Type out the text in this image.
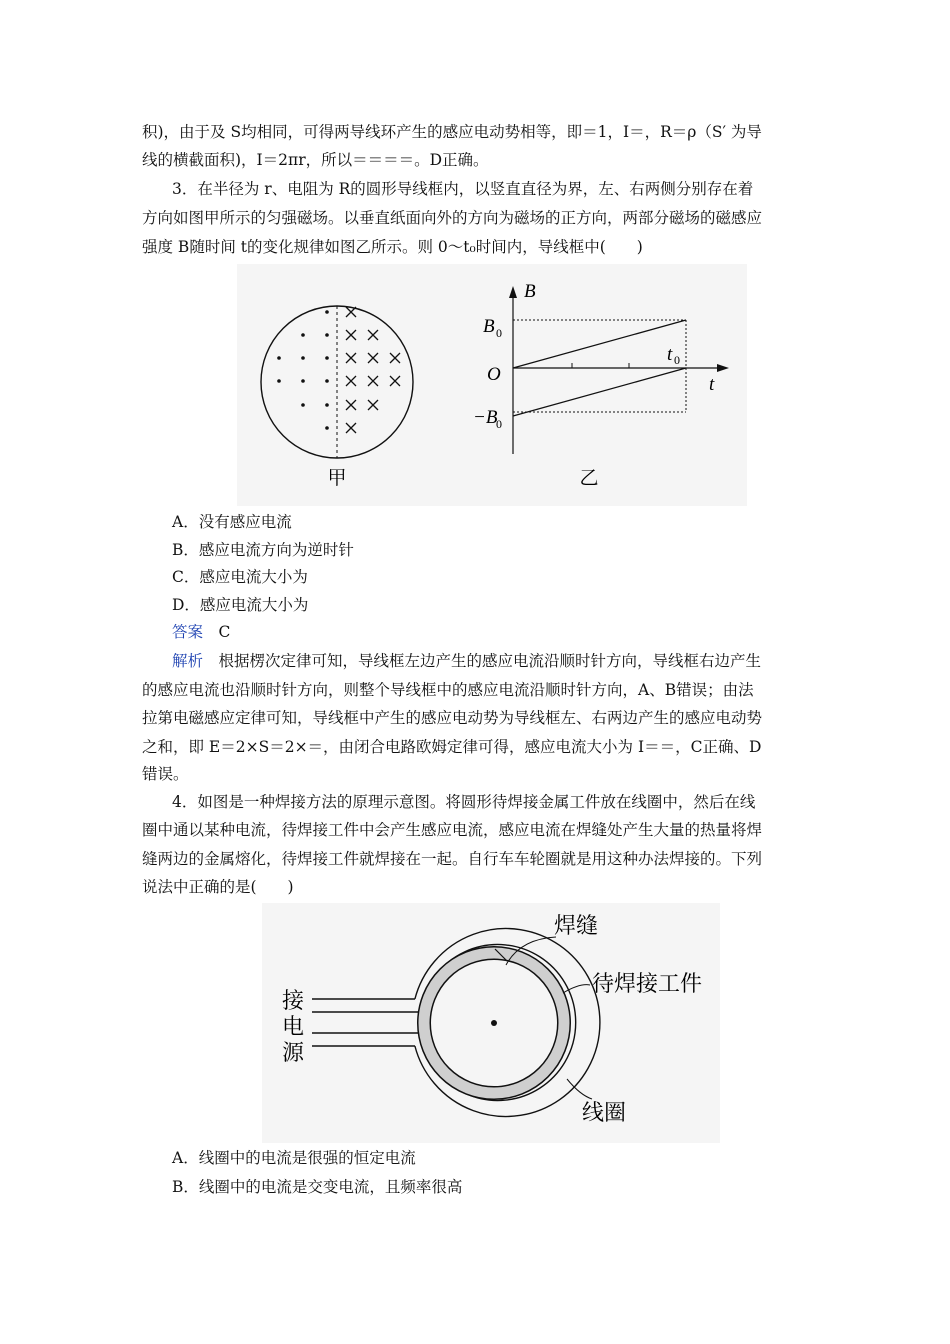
积)，由于及 S均相同，可得两导线环产生的感应电动势相等，即＝1，I＝，R＝ρ（S′ 为导
线的横截面积)，I＝2πr，所以＝＝＝＝。D正确。
3．在半径为 r、电阻为 R的圆形导线框内，以竖直直径为界，左、右两侧分别存在着
方向如图甲所示的匀强磁场。以垂直纸面向外的方向为磁场的正方向，两部分磁场的磁感应
强度 B随时间 t的变化规律如图乙所示。则 0～t₀时间内，导线框中(　　)
甲
B
t
O
B 0
−B
0
t 0
乙
A．没有感应电流
B．感应电流方向为逆时针
C．感应电流大小为
D．感应电流大小为
答案　 C
解析　 根据楞次定律可知，导线框左边产生的感应电流沿顺时针方向，导线框右边产生
的感应电流也沿顺时针方向，则整个导线框中的感应电流沿顺时针方向，A、B错误；由法
拉第电磁感应定律可知，导线框中产生的感应电动势为导线框左、右两边产生的感应电动势
之和，即 E＝2×S＝2×＝，由闭合电路欧姆定律可得，感应电流大小为 I＝＝，C正确、D
错误。
4．如图是一种焊接方法的原理示意图。将圆形待焊接金属工件放在线圈中，然后在线
圈中通以某种电流，待焊接工件中会产生感应电流，感应电流在焊缝处产生大量的热量将焊
缝两边的金属熔化，待焊接工件就焊接在一起。自行车车轮圈就是用这种办法焊接的。下列
说法中正确的是(　　)
焊缝
待焊接工件
线圈
接
电
源
A．线圈中的电流是很强的恒定电流
B．线圈中的电流是交变电流，且频率很高
